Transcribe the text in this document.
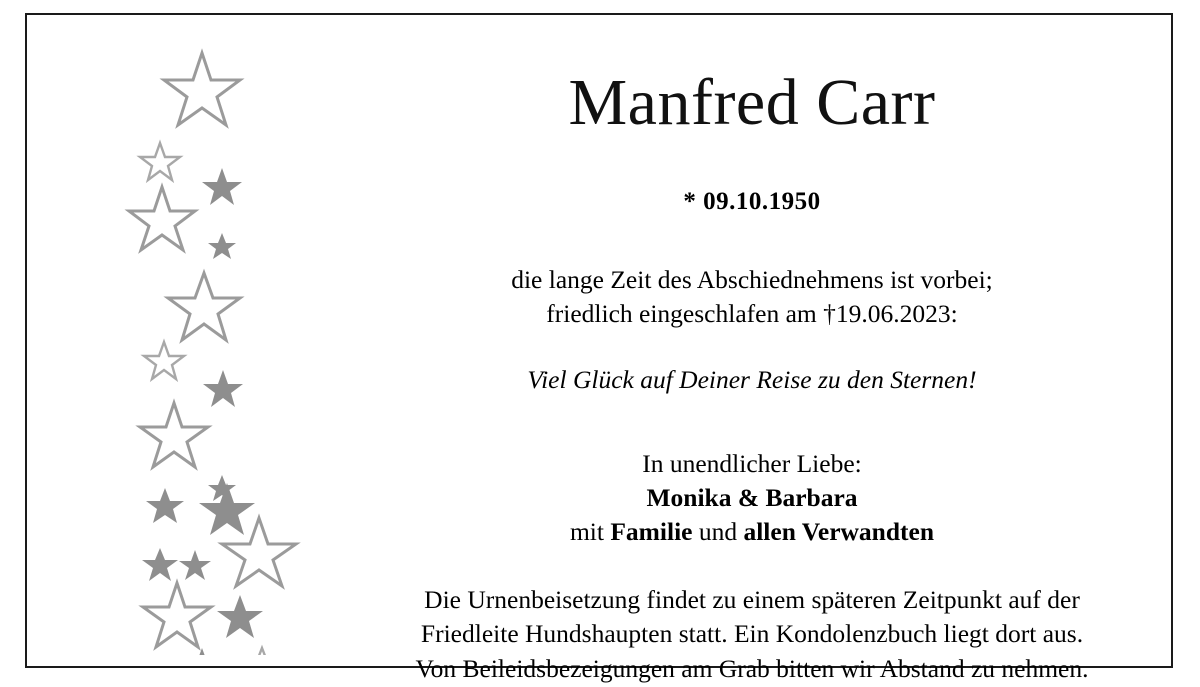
Manfred Carr
* 09.10.1950
die lange Zeit des Abschiednehmens ist vorbei;
friedlich eingeschlafen am †19.06.2023:
Viel Glück auf Deiner Reise zu den Sternen!
In unendlicher Liebe:
Monika & Barbara
mit Familie und allen Verwandten
Die Urnenbeisetzung findet zu einem späteren Zeitpunkt auf der
Friedleite Hundshaupten statt. Ein Kondolenzbuch liegt dort aus.
Von Beileidsbezeigungen am Grab bitten wir Abstand zu nehmen.
